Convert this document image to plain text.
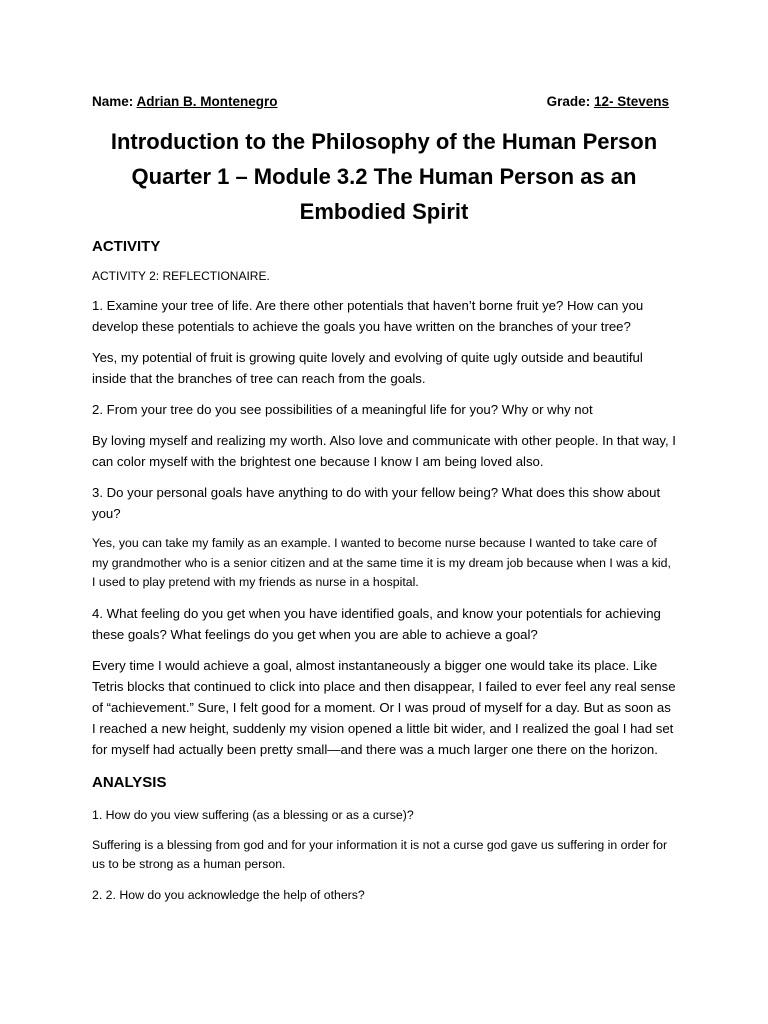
Name: Adrian B. Montenegro	Grade: 12- Stevens
Introduction to the Philosophy of the Human Person
Quarter 1 – Module 3.2 The Human Person as an
Embodied Spirit
ACTIVITY
ACTIVITY 2: REFLECTIONAIRE.

1. Examine your tree of life. Are there other potentials that haven’t borne fruit ye? How can you develop these potentials to achieve the goals you have written on the branches of your tree?

Yes, my potential of fruit is growing quite lovely and evolving of quite ugly outside and beautiful inside that the branches of tree can reach from the goals.

2. From your tree do you see possibilities of a meaningful life for you? Why or why not

By loving myself and realizing my worth. Also love and communicate with other people. In that way, I can color myself with the brightest one because I know I am being loved also.

3. Do your personal goals have anything to do with your fellow being? What does this show about you?

Yes, you can take my family as an example. I wanted to become nurse because I wanted to take care of my grandmother who is a senior citizen and at the same time it is my dream job because when I was a kid, I used to play pretend with my friends as nurse in a hospital.

4. What feeling do you get when you have identified goals, and know your potentials for achieving these goals? What feelings do you get when you are able to achieve a goal?

Every time I would achieve a goal, almost instantaneously a bigger one would take its place. Like Tetris blocks that continued to click into place and then disappear, I failed to ever feel any real sense of “achievement.” Sure, I felt good for a moment. Or I was proud of myself for a day. But as soon as I reached a new height, suddenly my vision opened a little bit wider, and I realized the goal I had set for myself had actually been pretty small—and there was a much larger one there on the horizon.

ANALYSIS

1. How do you view suffering (as a blessing or as a curse)?

Suffering is a blessing from god and for your information it is not a curse god gave us suffering in order for us to be strong as a human person.

2. 2. How do you acknowledge the help of others?
